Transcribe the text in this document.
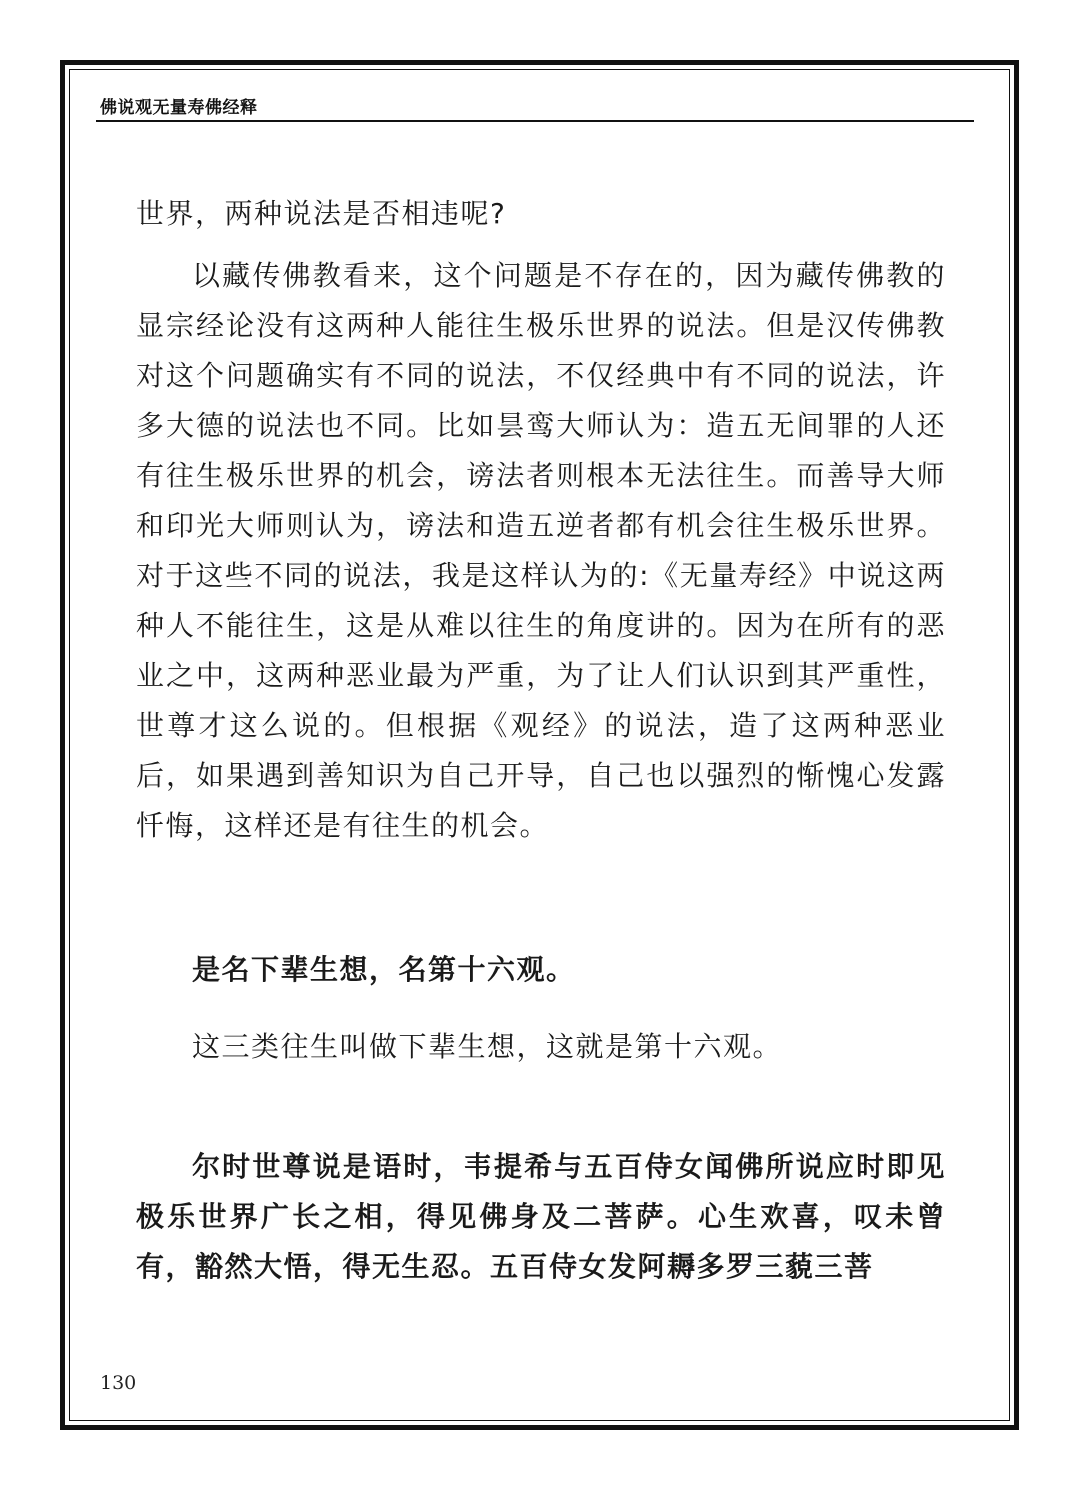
佛说观无量寿佛经释

世界，两种说法是否相违呢?

以藏传佛教看来，这个问题是不存在的，因为藏传佛教的显宗经论没有这两种人能往生极乐世界的说法。但是汉传佛教对这个问题确实有不同的说法，不仅经典中有不同的说法，许多大德的说法也不同。比如昙鸾大师认为：造五无间罪的人还有往生极乐世界的机会，谤法者则根本无法往生。而善导大师和印光大师则认为，谤法和造五逆者都有机会往生极乐世界。对于这些不同的说法，我是这样认为的:《无量寿经》中说这两种人不能往生，这是从难以往生的角度讲的。因为在所有的恶业之中，这两种恶业最为严重，为了让人们认识到其严重性，世尊才这么说的。但根据《观经》的说法，造了这两种恶业后，如果遇到善知识为自己开导，自己也以强烈的惭愧心发露忏悔，这样还是有往生的机会。

是名下辈生想，名第十六观。

这三类往生叫做下辈生想，这就是第十六观。

尔时世尊说是语时，韦提希与五百侍女闻佛所说应时即见极乐世界广长之相，得见佛身及二菩萨。心生欢喜，叹未曾有，豁然大悟，得无生忍。五百侍女发阿耨多罗三藐三菩

130
